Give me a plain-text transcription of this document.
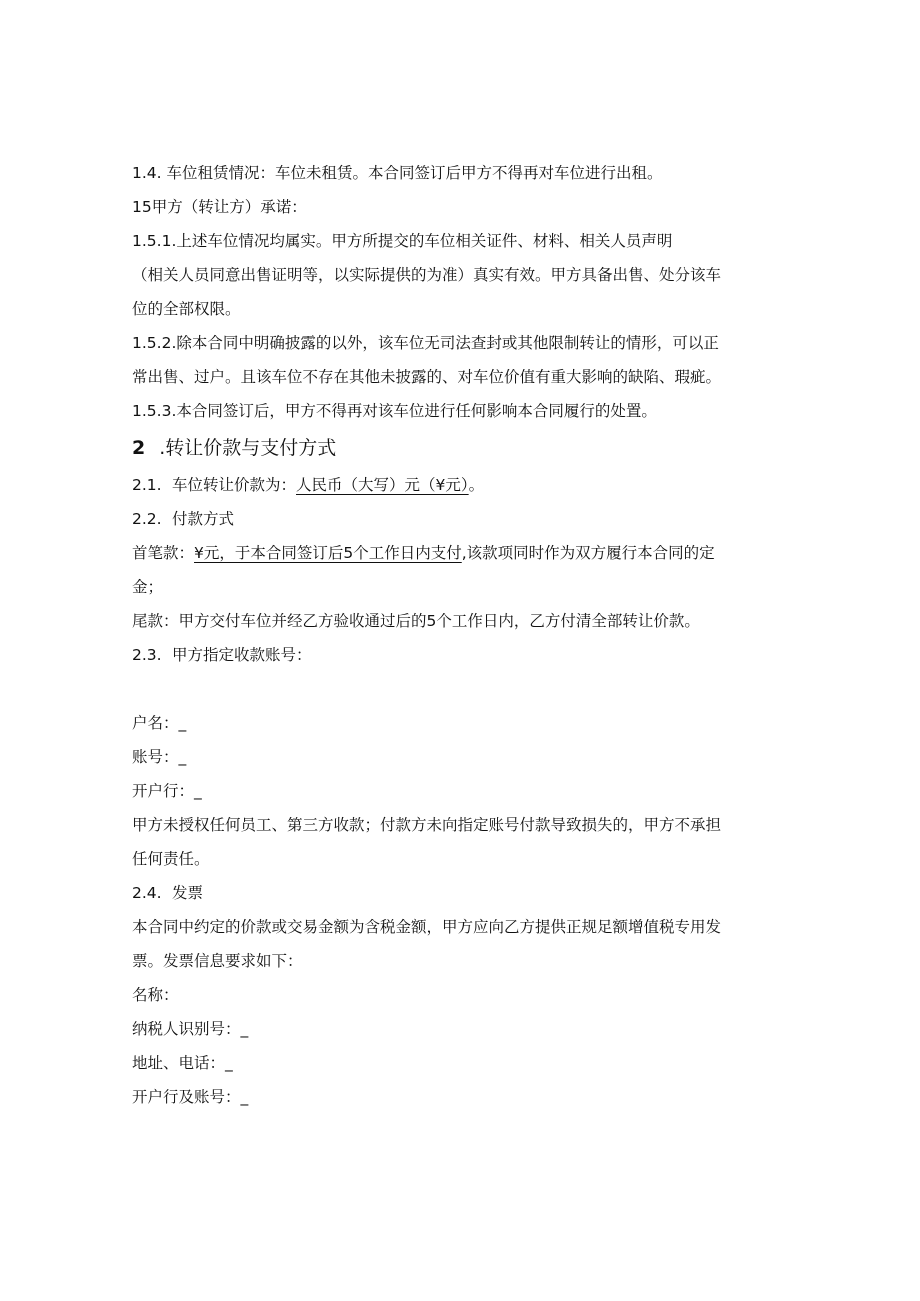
1.4. 车位租赁情况：车位未租赁。本合同签订后甲方不得再对车位进行出租。
15甲方（转让方）承诺：
1.5.1.上述车位情况均属实。甲方所提交的车位相关证件、材料、相关人员声明
（相关人员同意出售证明等，以实际提供的为准）真实有效。甲方具备出售、处分该车
位的全部权限。
1.5.2.除本合同中明确披露的以外，该车位无司法查封或其他限制转让的情形，可以正
常出售、过户。且该车位不存在其他未披露的、对车位价值有重大影响的缺陷、瑕疵。
1.5.3.本合同签订后，甲方不得再对该车位进行任何影响本合同履行的处置。
2 .转让价款与支付方式
2.1. 车位转让价款为：人民币（大写）元（¥元）。
2.2. 付款方式
首笔款：¥元，于本合同签订后5个工作日内支付,该款项同时作为双方履行本合同的定
金；
尾款：甲方交付车位并经乙方验收通过后的5个工作日内，乙方付清全部转让价款。
2.3. 甲方指定收款账号：
户名：_
账号：_
开户行：_
甲方未授权任何员工、第三方收款；付款方未向指定账号付款导致损失的，甲方不承担
任何责任。
2.4. 发票
本合同中约定的价款或交易金额为含税金额，甲方应向乙方提供正规足额增值税专用发
票。发票信息要求如下：
名称：
纳税人识别号：_
地址、电话：_
开户行及账号：_
